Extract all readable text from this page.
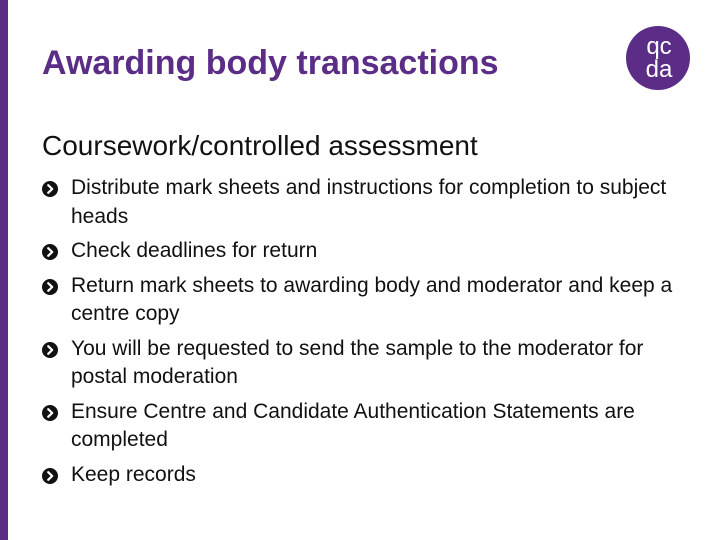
Awarding body transactions	qc
da
Coursework/controlled assessment
Distribute mark sheets and instructions for completion to subject heads
Check deadlines for return
Return mark sheets to awarding body and moderator and keep a centre copy
You will be requested to send the sample to the moderator for postal moderation
Ensure Centre and Candidate Authentication Statements are completed
Keep records
